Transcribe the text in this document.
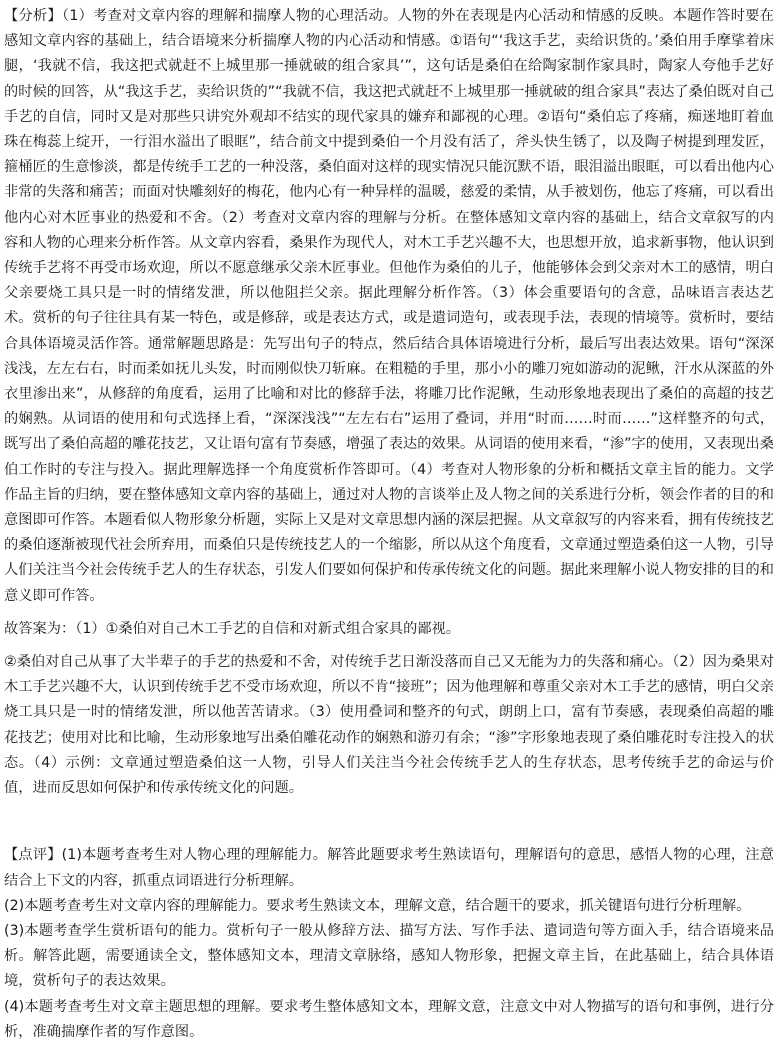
【分析】（1）考查对文章内容的理解和揣摩人物的心理活动。人物的外在表现是内心活动和情感的反映。本题作答时要在感知文章内容的基础上，结合语境来分析揣摩人物的内心活动和情感。①语句“‘我这手艺，卖给识货的。’桑伯用手摩挲着床腿，‘我就不信，我这把式就赶不上城里那一捶就破的组合家具’”，这句话是桑伯在给陶家制作家具时，陶家人夸他手艺好的时候的回答，从“我这手艺，卖给识货的”“我就不信，我这把式就赶不上城里那一捶就破的组合家具”表达了桑伯既对自己手艺的自信，同时又是对那些只讲究外观却不结实的现代家具的嫌弃和鄙视的心理。②语句“桑伯忘了疼痛，痴迷地盯着血珠在梅蕊上绽开，一行泪水溢出了眼眶”，结合前文中提到桑伯一个月没有活了，斧头快生锈了，以及陶子树提到理发匠，箍桶匠的生意惨淡，都是传统手工艺的一种没落，桑伯面对这样的现实情况只能沉默不语，眼泪溢出眼眶，可以看出他内心非常的失落和痛苦；而面对快雕刻好的梅花，他内心有一种异样的温暖，慈爱的柔情，从手被划伤，他忘了疼痛，可以看出他内心对木匠事业的热爱和不舍。（2）考查对文章内容的理解与分析。在整体感知文章内容的基础上，结合文章叙写的内容和人物的心理来分析作答。从文章内容看，桑果作为现代人，对木工手艺兴趣不大，也思想开放，追求新事物，他认识到传统手艺将不再受市场欢迎，所以不愿意继承父亲木匠事业。但他作为桑伯的儿子，他能够体会到父亲对木工的感情，明白父亲要烧工具只是一时的情绪发泄，所以他阻拦父亲。据此理解分析作答。（3）体会重要语句的含意，品味语言表达艺术。赏析的句子往往具有某一特色，或是修辞，或是表达方式，或是遣词造句，或表现手法，表现的情境等。赏析时，要结合具体语境灵活作答。通常解题思路是：先写出句子的特点，然后结合具体语境进行分析，最后写出表达效果。语句“深深浅浅，左左右右，时而柔如抚儿头发，时而刚似快刀斩麻。在粗糙的手里，那小小的雕刀宛如游动的泥鳅，汗水从深蓝的外衣里渗出来”，从修辞的角度看，运用了比喻和对比的修辞手法，将雕刀比作泥鳅，生动形象地表现出了桑伯的高超的技艺的娴熟。从词语的使用和句式选择上看，“深深浅浅”“左左右右”运用了叠词，并用“时而……时而……”这样整齐的句式，既写出了桑伯高超的雕花技艺，又让语句富有节奏感，增强了表达的效果。从词语的使用来看，“渗”字的使用，又表现出桑伯工作时的专注与投入。据此理解选择一个角度赏析作答即可。（4）考查对人物形象的分析和概括文章主旨的能力。文学作品主旨的归纳，要在整体感知文章内容的基础上，通过对人物的言谈举止及人物之间的关系进行分析，领会作者的目的和意图即可作答。本题看似人物形象分析题，实际上又是对文章思想内涵的深层把握。从文章叙写的内容来看，拥有传统技艺的桑伯逐渐被现代社会所弃用，而桑伯只是传统技艺人的一个缩影，所以从这个角度看，文章通过塑造桑伯这一人物，引导人们关注当今社会传统手艺人的生存状态，引发人们要如何保护和传承传统文化的问题。据此来理解小说人物安排的目的和意义即可作答。

故答案为：（1）①桑伯对自己木工手艺的自信和对新式组合家具的鄙视。

②桑伯对自己从事了大半辈子的手艺的热爱和不舍，对传统手艺日渐没落而自己又无能为力的失落和痛心。（2）因为桑果对木工手艺兴趣不大，认识到传统手艺不受市场欢迎，所以不肯“接班”；因为他理解和尊重父亲对木工手艺的感情，明白父亲烧工具只是一时的情绪发泄，所以他苦苦请求。（3）使用叠词和整齐的句式，朗朗上口，富有节奏感，表现桑伯高超的雕花技艺；使用对比和比喻，生动形象地写出桑伯雕花动作的娴熟和游刃有余；“渗”字形象地表现了桑伯雕花时专注投入的状态。（4）示例：文章通过塑造桑伯这一人物，引导人们关注当今社会传统手艺人的生存状态，思考传统手艺的命运与价值，进而反思如何保护和传承传统文化的问题。

【点评】(1)本题考查考生对人物心理的理解能力。解答此题要求考生熟读语句，理解语句的意思，感悟人物的心理，注意结合上下文的内容，抓重点词语进行分析理解。

(2)本题考查考生对文章内容的理解能力。要求考生熟读文本，理解文意，结合题干的要求，抓关键语句进行分析理解。

(3)本题考查学生赏析语句的能力。赏析句子一般从修辞方法、描写方法、写作手法、遣词造句等方面入手，结合语境来品析。解答此题，需要通读全文，整体感知文本，理清文章脉络，感知人物形象，把握文章主旨，在此基础上，结合具体语境，赏析句子的表达效果。

(4)本题考查考生对文章主题思想的理解。要求考生整体感知文本，理解文意，注意文中对人物描写的语句和事例，进行分析，准确揣摩作者的写作意图。
